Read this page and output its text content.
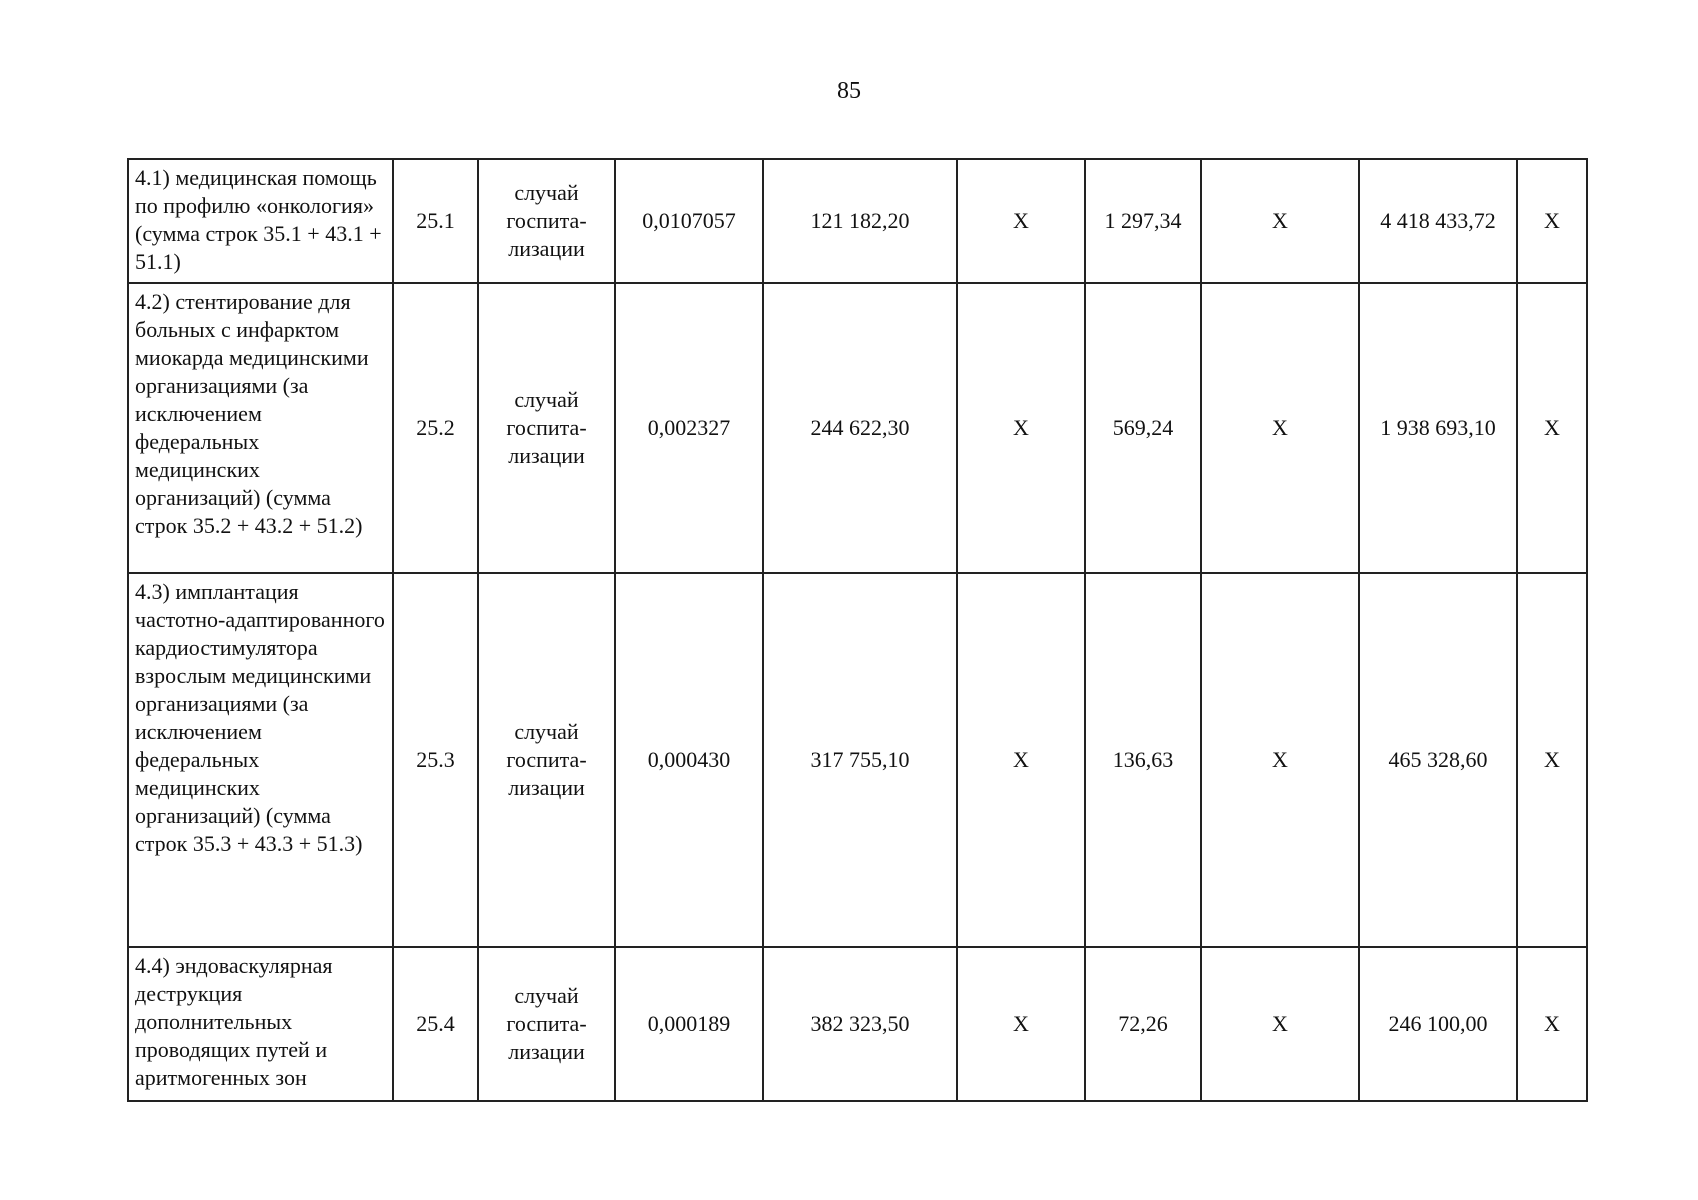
85
4.1) медицинская помощь по профилю «онкология» (сумма строк 35.1 + 43.1 + 51.1)	25.1	случай
госпита-
лизации	0,0107057	121 182,20	Х	1 297,34	Х	4 418 433,72	Х
4.2) стентирование для больных с инфарктом миокарда медицинскими организациями (за исключением федеральных медицинских организаций) (сумма строк 35.2 + 43.2 + 51.2)	25.2	случай
госпита-
лизации	0,002327	244 622,30	Х	569,24	Х	1 938 693,10	Х
4.3) имплантация частотно-адаптированного кардиостимулятора взрослым медицинскими организациями (за исключением федеральных медицинских организаций) (сумма строк 35.3 + 43.3 + 51.3)	25.3	случай
госпита-
лизации	0,000430	317 755,10	Х	136,63	Х	465 328,60	Х
4.4) эндоваскулярная деструкция дополнительных проводящих путей и аритмогенных зон	25.4	случай
госпита-
лизации	0,000189	382 323,50	Х	72,26	Х	246 100,00	Х
